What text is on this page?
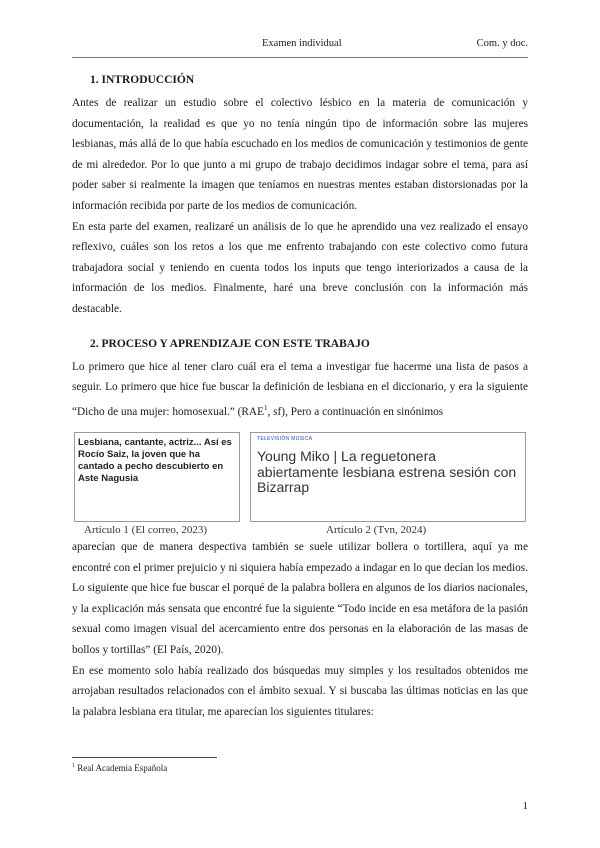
Examen individual	Com. y doc.
1. INTRODUCCIÓN

Antes de realizar un estudio sobre el colectivo lésbico en la materia de comunicación y documentación, la realidad es que yo no tenía ningún tipo de información sobre las mujeres lesbianas, más allá de lo que había escuchado en los medios de comunicación y testimonios de gente de mi alrededor. Por lo que junto a mi grupo de trabajo decidimos indagar sobre el tema, para así poder saber si realmente la imagen que teníamos en nuestras mentes estaban distorsionadas por la información recibida por parte de los medios de comunicación.

En esta parte del examen, realizaré un análisis de lo que he aprendido una vez realizado el ensayo reflexivo, cuáles son los retos a los que me enfrento trabajando con este colectivo como futura trabajadora social y teniendo en cuenta todos los inputs que tengo interiorizados a causa de la información de los medios. Finalmente, haré una breve conclusión con la información más destacable.

2. PROCESO Y APRENDIZAJE CON ESTE TRABAJO

Lo primero que hice al tener claro cuál era el tema a investigar fue hacerme una lista de pasos a seguir. Lo primero que hice fue buscar la definición de lesbiana en el diccionario, y era la siguiente “Dicho de una mujer: homosexual.” (RAE$^1$, sf), Pero a continuación en sinónimos

Lesbiana, cantante, actriz... Así es Rocío Saiz, la joven que ha cantado a pecho descubierto en Aste Nagusia
Artículo 1 (El correo, 2023)
TELEVISIÓN MUSICA
Young Miko | La reguetonera abiertamente lesbiana estrena sesión con Bizarrap
Artículo 2 (Tvn, 2024)

aparecían que de manera despectiva también se suele utilizar bollera o tortillera, aquí ya me encontré con el primer prejuicio y ni siquiera había empezado a indagar en lo que decían los medios. Lo siguiente que hice fue buscar el porqué de la palabra bollera en algunos de los diarios nacionales, y la explicación más sensata que encontré fue la siguiente “Todo incide en esa metáfora de la pasión sexual como imagen visual del acercamiento entre dos personas en la elaboración de las masas de bollos y tortillas” (El País, 2020).

En ese momento solo había realizado dos búsquedas muy simples y los resultados obtenidos me arrojaban resultados relacionados con el ámbito sexual. Y si buscaba las últimas noticias en las que la palabra lesbiana era titular, me aparecían los siguientes titulares:

$^1$ Real Academia Española
1
